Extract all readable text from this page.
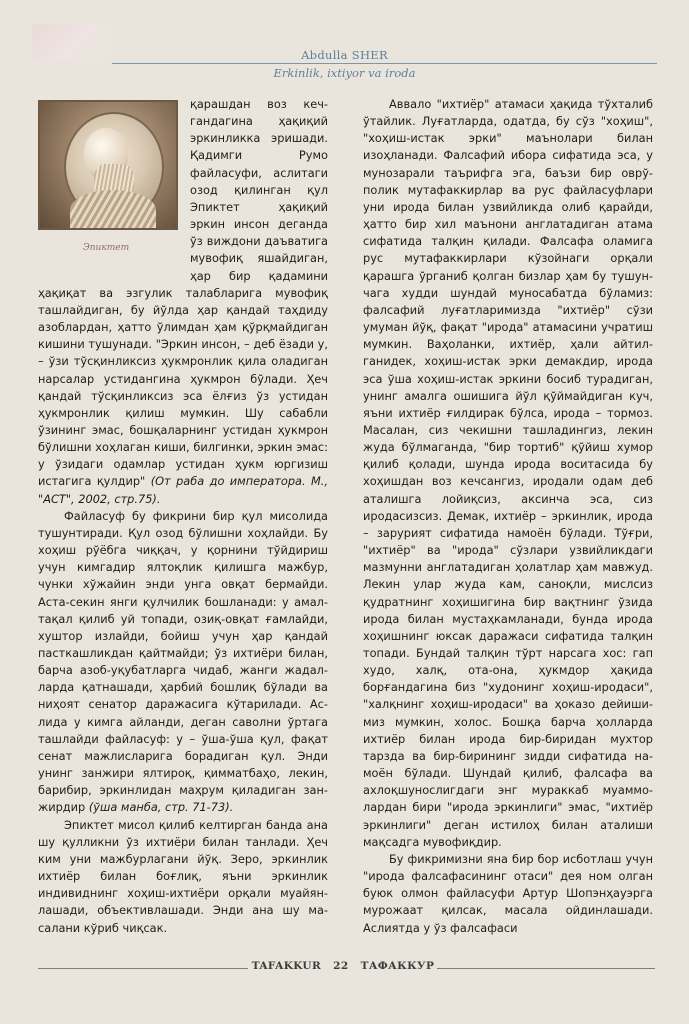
Abdulla SHER
Erkinlik, ixtiyor va iroda
Эпиктет

қарашдан воз кечгандагина ҳақиқий эркинликка эришади. Қадимги Румо файласуфи, аслитаги озод қилинган қул Эпиктет ҳақиқий эркин инсон деганда ўз виждони даъватига мувофиқ яшайдиган, ҳар бир қадамини ҳақиқат ва эзгулик талабларига мувофиқ ташлайдиган, бу йўлда ҳар қандай таҳдиду азоблардан, ҳатто ўлимдан ҳам қўрқмайдиган кишини тушунади. "Эркин инсон, – деб ёзади у, – ўзи тўсқинликсиз ҳукмронлик қила оладиган нарсалар устидангина ҳукмрон бўлади. Ҳеч қандай тўсқинликсиз эса ёлғиз ўз устидан ҳукмронлик қилиш мумкин. Шу сабабли ўзининг эмас, бошқаларнинг устидан ҳукмрон бўлишни хоҳлаган киши, билгинки, эркин эмас: у ўзидаги одамлар устидан ҳукм юргизиш истагига қулдир" (От раба до императора. М., "АСТ", 2002, стр.75).

Файласуф бу фикрини бир қул мисолида тушунтиради. Қул озод бўлишни хоҳлайди. Бу хоҳиш рўёбга чиққач, у қорнини тўйдириш учун кимгадир ялтоқлик қилишга мажбур, чунки хўжайин энди унга овқат бермайди. Аста-секин янги қулчилик бошланади: у амалтақал қилиб уй топади, озиқ-овқат ғамлайди, хуштор излайди, бойиш учун ҳар қандай пасткашликдан қайтмайди; ўз ихтиёри билан, барча азоб-уқубатларга чидаб, жанги жадалларда қатнашади, ҳарбий бошлиқ бўлади ва ниҳоят сенатор даражасига кўтарилади. Аслида у кимга айланди, деган саволни ўртага ташлайди файласуф: у – ўша-ўша қул, фақат сенат мажлисларига борадиган қул. Энди унинг занжири ялтироқ, қимматбаҳо, лекин, барибир, эркинлидан маҳрум қиладиган занжирдир (ўша манба, стр. 71-73).

Эпиктет мисол қилиб келтирган банда ана шу қулликни ўз ихтиёри билан танлади. Ҳеч ким уни мажбурлагани йўқ. Зеро, эркинлик ихтиёр билан боғлиқ, яъни эркинлик индивиднинг хоҳиш-ихтиёри орқали муайянлашади, объективлашади. Энди ана шу масалани кўриб чиқсак.

Аввало "ихтиёр" атамаси ҳақида тўхталиб ўтайлик. Луғатларда, одатда, бу сўз "хоҳиш", "хоҳиш-истак эрки" маънолари билан изоҳланади. Фалсафий ибора сифатида эса, у мунозарали таърифга эга, баъзи бир оврўполик мутафаккирлар ва рус файласуфлари уни ирода билан узвийликда олиб қарайди, ҳатто бир хил маънони англатадиган атама сифатида талқин қилади. Фалсафа оламига рус мутафаккирлари кўзойнаги орқали қарашга ўрганиб қолган бизлар ҳам бу тушунчага худди шундай муносабатда бўламиз: фалсафий луғатларимизда "ихтиёр" сўзи умуман йўқ, фақат "ирода" атамасини учратиш мумкин. Ваҳоланки, ихтиёр, ҳали айтилганидек, хоҳиш-истак эрки демакдир, ирода эса ўша хоҳиш-истак эркини босиб турадиган, унинг амалга ошишига йўл қўймайдиган куч, яъни ихтиёр ғилдирак бўлса, ирода – тормоз. Масалан, сиз чекишни ташладингиз, лекин жуда бўлмаганда, "бир тортиб" қўйиш хумор қилиб қолади, шунда ирода воситасида бу хоҳишдан воз кечсангиз, иродали одам деб аталишга лойиқсиз, аксинча эса, сиз иродасизсиз. Демак, ихтиёр – эркинлик, ирода – зарурият сифатида намоён бўлади. Тўғри, "ихтиёр" ва "ирода" сўзлари узвийликдаги мазмунни англатадиган ҳолатлар ҳам мавжуд. Лекин улар жуда кам, саноқли, мислсиз қудратнинг хоҳишигина бир вақтнинг ўзида ирода билан мустаҳкамланади, бунда ирода хоҳишнинг юксак даражаси сифатида талқин топади. Бундай талқин тўрт нарсага хос: гап худо, халқ, ота-она, ҳукмдор ҳақида борғандагина биз "худонинг хоҳиш-иродаси", "халқнинг хоҳиш-иродаси" ва ҳоказо дейишимиз мумкин, холос. Бошқа барча ҳолларда ихтиёр билан ирода бир-биридан мухтор тарзда ва бир-бирининг зидди сифатида намоён бўлади. Шундай қилиб, фалсафа ва ахлоқшунослигдаги энг мураккаб муаммолардан бири "ирода эркинлиги" эмас, "ихтиёр эркинлиги" деган истилоҳ билан аталиши мақсадга мувофиқдир.

Бу фикримизни яна бир бор исботлаш учун "ирода фалсафасининг отаси" дея ном олган буюк олмон файласуфи Артур Шопэнҳауэрга мурожаат қилсак, масала ойдинлашади. Аслиятда у ўз фалсафаси

TAFAKKUR 22 ТАФАККУР
